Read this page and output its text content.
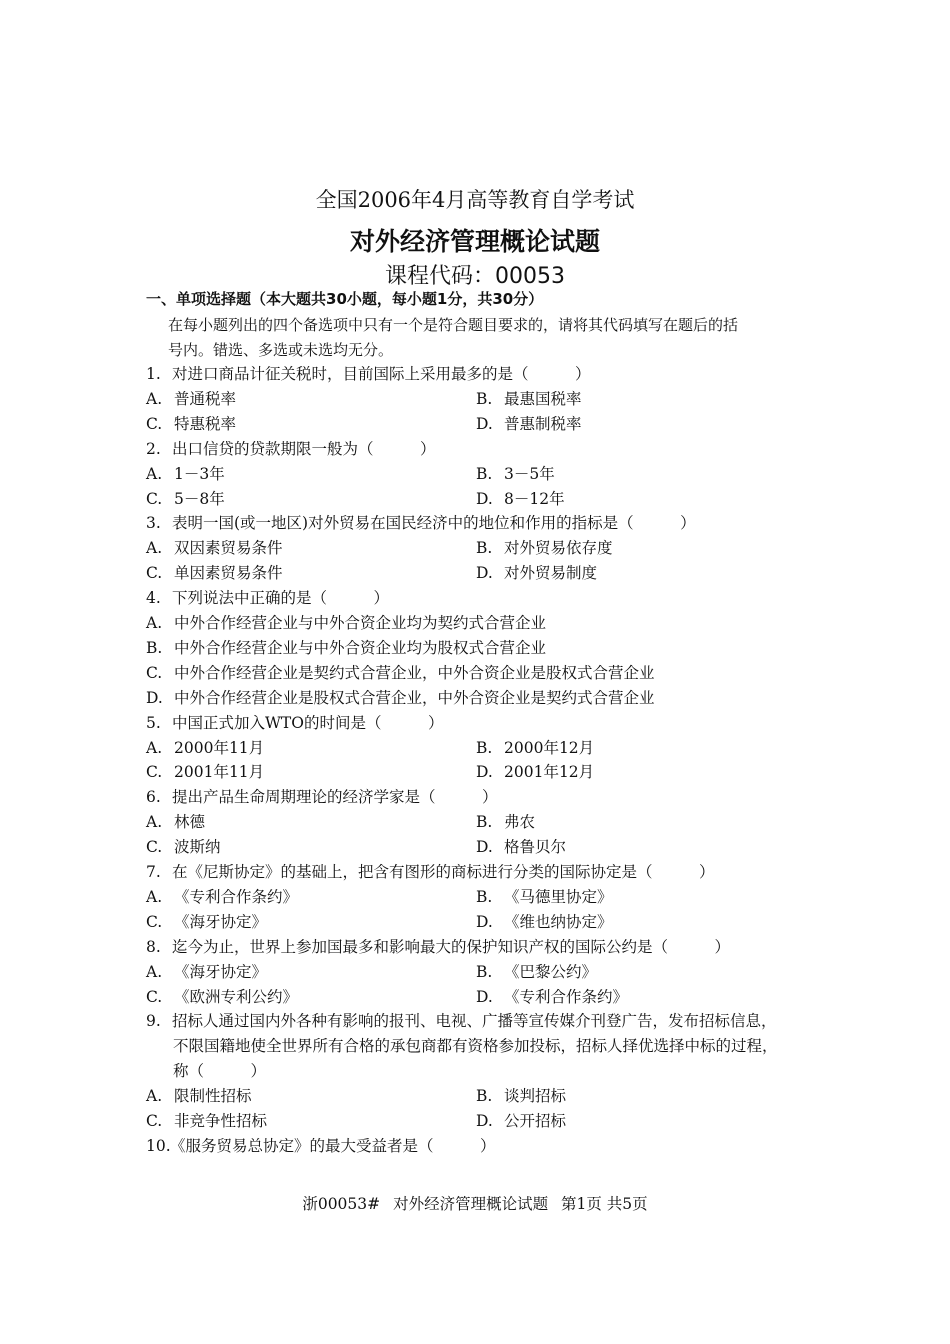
全国2006年4月高等教育自学考试
对外经济管理概论试题
课程代码：00053
一、单项选择题（本大题共30小题，每小题1分，共30分）
在每小题列出的四个备选项中只有一个是符合题目要求的，请将其代码填写在题后的括
号内。错选、多选或未选均无分。
1. 对进口商品计征关税时，目前国际上采用最多的是（　　　）
A. 普通税率	B. 最惠国税率
C. 特惠税率	D. 普惠制税率
2. 出口信贷的贷款期限一般为（　　　）
A. 1－3年	B. 3－5年
C. 5－8年	D. 8－12年
3. 表明一国(或一地区)对外贸易在国民经济中的地位和作用的指标是（　　　）
A. 双因素贸易条件	B. 对外贸易依存度
C. 单因素贸易条件	D. 对外贸易制度
4. 下列说法中正确的是（　　　）
A. 中外合作经营企业与中外合资企业均为契约式合营企业
B. 中外合作经营企业与中外合资企业均为股权式合营企业
C. 中外合作经营企业是契约式合营企业，中外合资企业是股权式合营企业
D. 中外合作经营企业是股权式合营企业，中外合资企业是契约式合营企业
5. 中国正式加入WTO的时间是（　　　）
A. 2000年11月	B. 2000年12月
C. 2001年11月	D. 2001年12月
6. 提出产品生命周期理论的经济学家是（　　　）
A. 林德	B. 弗农
C. 波斯纳	D. 格鲁贝尔
7. 在《尼斯协定》的基础上，把含有图形的商标进行分类的国际协定是（　　　）
A. 《专利合作条约》	B. 《马德里协定》
C. 《海牙协定》	D. 《维也纳协定》
8. 迄今为止，世界上参加国最多和影响最大的保护知识产权的国际公约是（　　　）
A. 《海牙协定》	B. 《巴黎公约》
C. 《欧洲专利公约》	D. 《专利合作条约》
9. 招标人通过国内外各种有影响的报刊、电视、广播等宣传媒介刊登广告，发布招标信息，
不限国籍地使全世界所有合格的承包商都有资格参加投标，招标人择优选择中标的过程，
称（　　　）
A. 限制性招标	B. 谈判招标
C. 非竞争性招标	D. 公开招标
10.《服务贸易总协定》的最大受益者是（　　　）
浙00053# 对外经济管理概论试题 第1页 共5页
